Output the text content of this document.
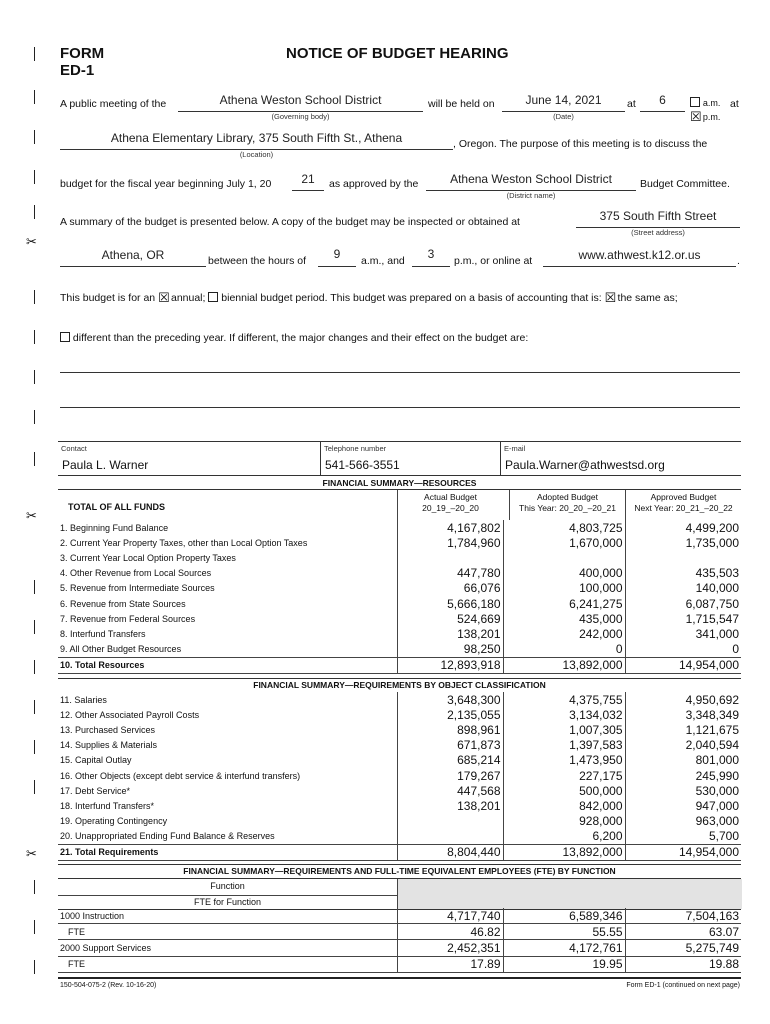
✂
✂
✂
FORM
ED-1
NOTICE OF BUDGET HEARING
A public meeting of the	Athena Weston School District
(Governing body)
will be held on	June 14, 2021
(Date)
at	6	a.m. at
☒ p.m.
Athena Elementary Library, 375 South Fifth St., Athena
(Location)
, Oregon. The purpose of this meeting is to discuss the
budget for the fiscal year beginning July 1, 20	21	as approved by the	Athena Weston School District
(District name)
Budget Committee.
A summary of the budget is presented below. A copy of the budget may be inspected or obtained at	375 South Fifth Street
(Street address)
Athena, OR	between the hours of	9	a.m., and	3	p.m., or online at	www.athwest.k12.or.us	.
This budget is for an ☒ annual; biennial budget period. This budget was prepared on a basis of accounting that is: ☒ the same as;
different than the preceding year. If different, the major changes and their effect on the budget are:
Contact
Paula L. Warner
Telephone number
541-566-3551
E-mail
Paula.Warner@athwestsd.org
FINANCIAL SUMMARY—RESOURCES
TOTAL OF ALL FUNDS
Actual Budget
20_19_–20_20
Adopted Budget
This Year: 20_20_–20_21
Approved Budget
Next Year: 20_21_–20_22
1. Beginning Fund Balance	4,167,802		4,803,725	4,499,200
2. Current Year Property Taxes, other than Local Option Taxes	1,784,960		1,670,000	1,735,000
3. Current Year Local Option Property Taxes				
4. Other Revenue from Local Sources	447,780		400,000	435,503
5. Revenue from Intermediate Sources	66,076		100,000	140,000
6. Revenue from State Sources	5,666,180		6,241,275	6,087,750
7. Revenue from Federal Sources	524,669		435,000	1,715,547
8. Interfund Transfers	138,201		242,000	341,000
9. All Other Budget Resources	98,250		0	0
10. Total Resources	12,893,918		13,892,000	14,954,000
FINANCIAL SUMMARY—REQUIREMENTS BY OBJECT CLASSIFICATION
11. Salaries	3,648,300		4,375,755	4,950,692
12. Other Associated Payroll Costs	2,135,055		3,134,032	3,348,349
13. Purchased Services	898,961		1,007,305	1,121,675
14. Supplies & Materials	671,873		1,397,583	2,040,594
15. Capital Outlay	685,214		1,473,950	801,000
16. Other Objects (except debt service & interfund transfers)	179,267		227,175	245,990
17. Debt Service*	447,568		500,000	530,000
18. Interfund Transfers*	138,201		842,000	947,000
19. Operating Contingency			928,000	963,000
20. Unappropriated Ending Fund Balance & Reserves			6,200	5,700
21. Total Requirements	8,804,440		13,892,000	14,954,000
FINANCIAL SUMMARY—REQUIREMENTS AND FULL-TIME EQUIVALENT EMPLOYEES (FTE) BY FUNCTION
Function
FTE for Function
1000 Instruction	4,717,740		6,589,346	7,504,163
FTE	46.82		55.55	63.07
2000 Support Services	2,452,351		4,172,761	5,275,749
FTE	17.89		19.95	19.88
150-504-075-2 (Rev. 10-16-20)	Form ED-1 (continued on next page)
